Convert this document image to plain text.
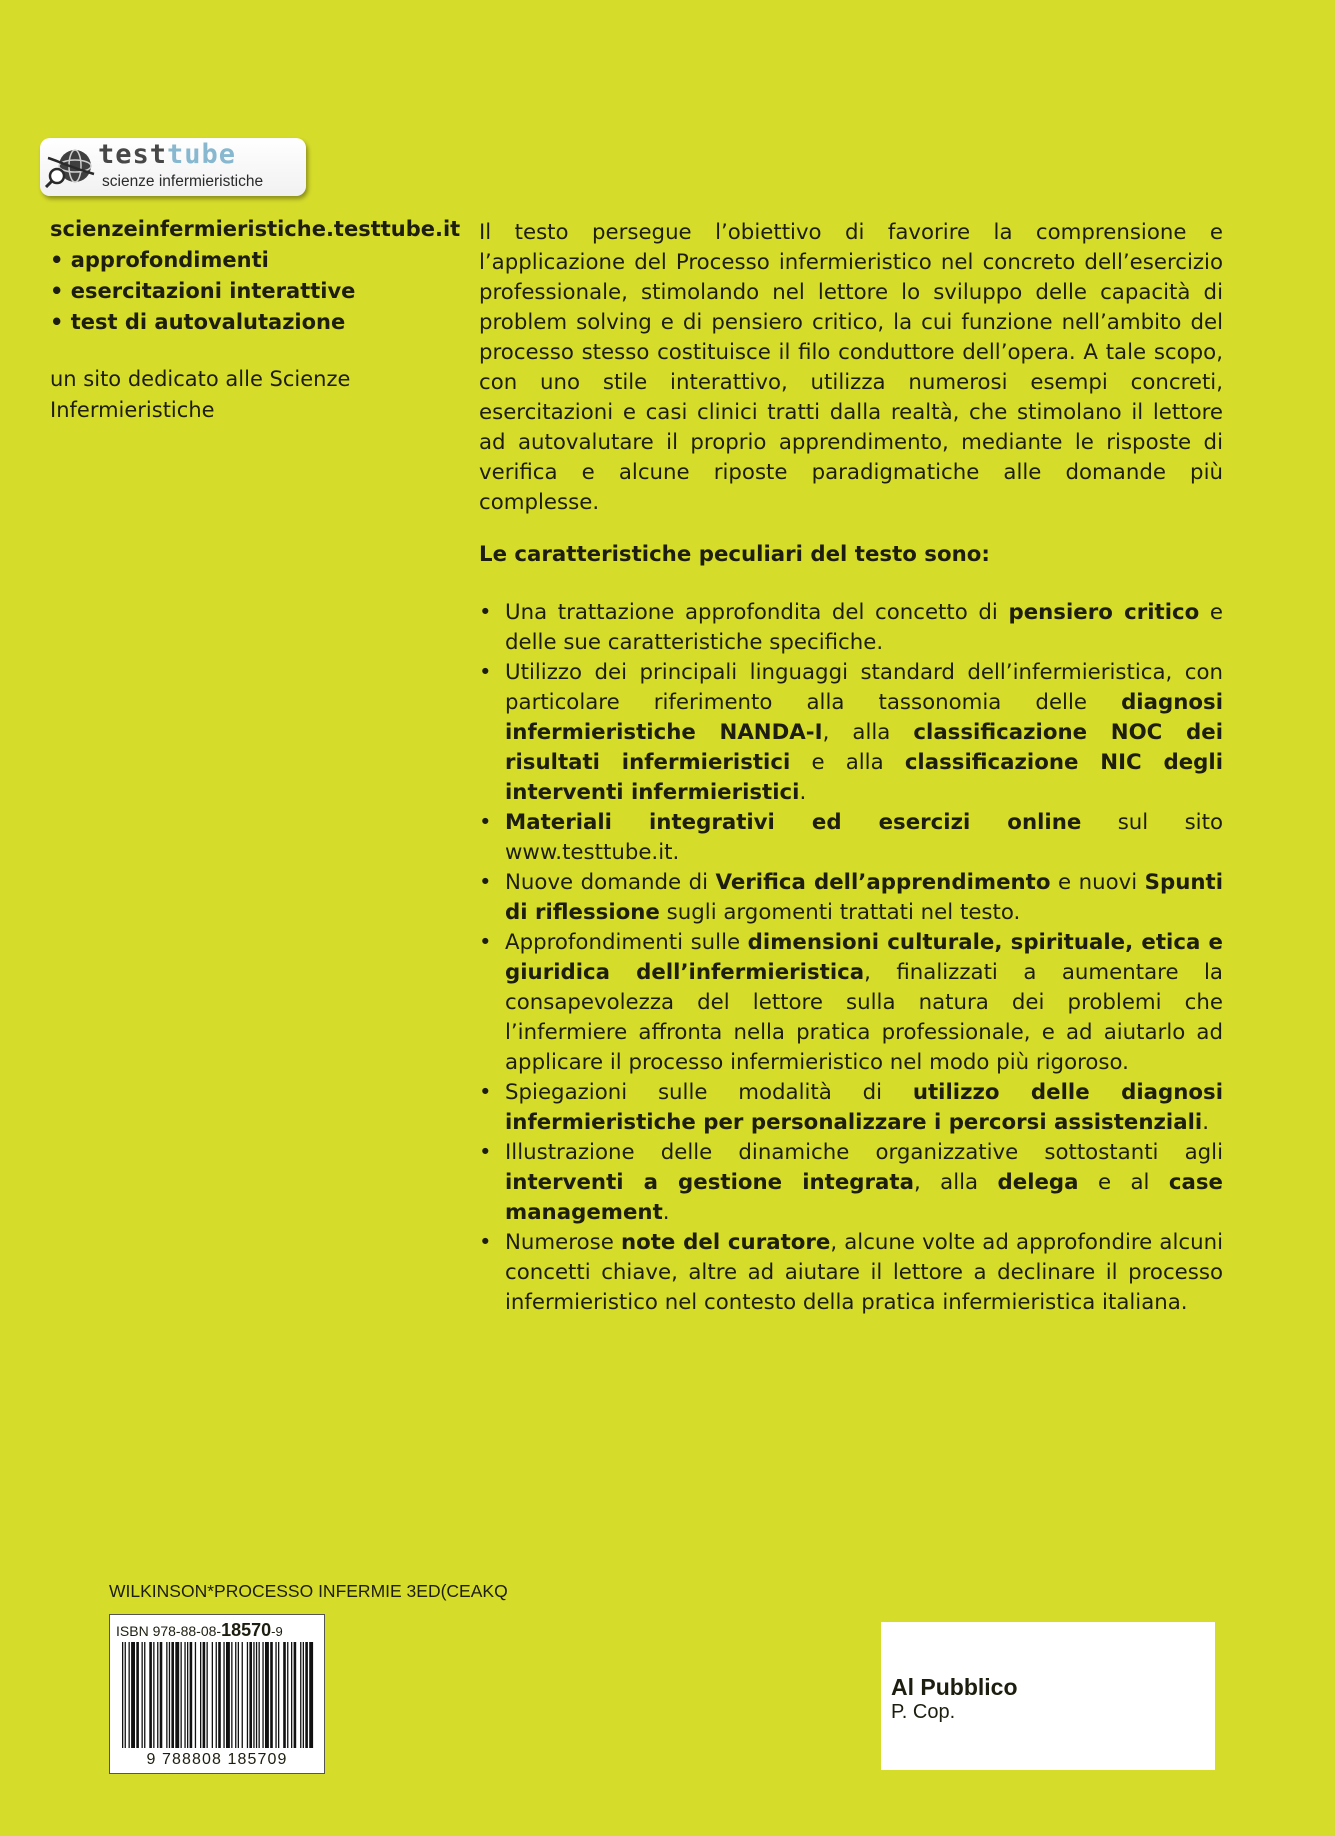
testtube
scienze infermieristiche
scienzeinfermieristiche.testtube.it
• approfondimenti
• esercitazioni interattive
• test di autovalutazione
un sito dedicato alle Scienze
Infermieristiche

Il testo persegue l’obiettivo di favorire la comprensione e l’applicazione del Processo infermieristico nel concreto dell’esercizio professionale, stimolando nel lettore lo sviluppo delle capacità di problem solving e di pensiero critico, la cui funzione nell’ambito del processo stesso costituisce il filo conduttore dell’opera. A tale scopo, con uno stile interattivo, utilizza numerosi esempi concreti, esercitazioni e casi clinici tratti dalla realtà, che stimolano il lettore ad autovalutare il proprio apprendimento, mediante le risposte di verifica e alcune riposte paradigmatiche alle domande più complesse.

Le caratteristiche peculiari del testo sono:

• Una trattazione approfondita del concetto di pensiero critico e delle sue caratteristiche specifiche.
• Utilizzo dei principali linguaggi standard dell’infermieristica, con particolare riferimento alla tassonomia delle diagnosi infermieristiche NANDA-I, alla classificazione NOC dei risultati infermieristici e alla classificazione NIC degli interventi infermieristici.
• Materiali integrativi ed esercizi online sul sito www.testtube.it.
• Nuove domande di Verifica dell’apprendimento e nuovi Spunti di riflessione sugli argomenti trattati nel testo.
• Approfondimenti sulle dimensioni culturale, spirituale, etica e giuridica dell’infermieristica, finalizzati a aumentare la consapevolezza del lettore sulla natura dei problemi che l’infermiere affronta nella pratica professionale, e ad aiutarlo ad applicare il processo infermieristico nel modo più rigoroso.
• Spiegazioni sulle modalità di utilizzo delle diagnosi infermieristiche per personalizzare i percorsi assistenziali.
• Illustrazione delle dinamiche organizzative sottostanti agli interventi a gestione integrata, alla delega e al case management.
• Numerose note del curatore, alcune volte ad approfondire alcuni concetti chiave, altre ad aiutare il lettore a declinare il processo infermieristico nel contesto della pratica infermieristica italiana.
WILKINSON*PROCESSO INFERMIE 3ED(CEAKQ
ISBN 978-88-08-18570-9
9 788808 185709
Al Pubblico
P. Cop.
